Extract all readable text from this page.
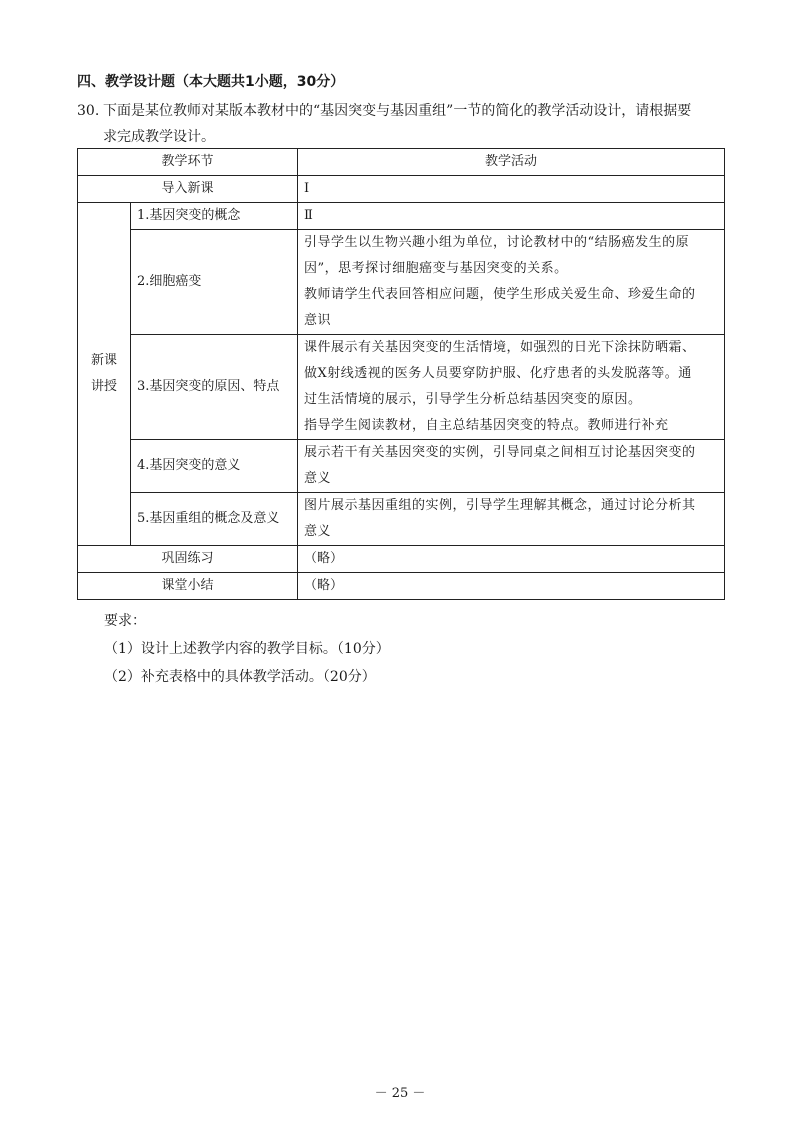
四、教学设计题（本大题共1小题，30分）
30. 下面是某位教师对某版本教材中的“基因突变与基因重组”一节的简化的教学活动设计，请根据要
求完成教学设计。
教学环节		教学活动
导入新课		I

新课
讲授	1.基因突变的概念	Ⅱ

	2.细胞癌变	引导学生以生物兴趣小组为单位，讨论教材中的“结肠癌发生的原
因”，思考探讨细胞癌变与基因突变的关系。
教师请学生代表回答相应问题，使学生形成关爱生命、珍爱生命的
意识

	3.基因突变的原因、特点	课件展示有关基因突变的生活情境，如强烈的日光下涂抹防晒霜、
做X射线透视的医务人员要穿防护服、化疗患者的头发脱落等。通
过生活情境的展示，引导学生分析总结基因突变的原因。
指导学生阅读教材，自主总结基因突变的特点。教师进行补充

	4.基因突变的意义	展示若干有关基因突变的实例，引导同桌之间相互讨论基因突变的
意义

	5.基因重组的概念及意义	图片展示基因重组的实例，引导学生理解其概念，通过讨论分析其
意义

巩固练习		（略）
课堂小结		（略）
要求：
（1）设计上述教学内容的教学目标。（10分）
（2）补充表格中的具体教学活动。（20分）
－ 25 －
